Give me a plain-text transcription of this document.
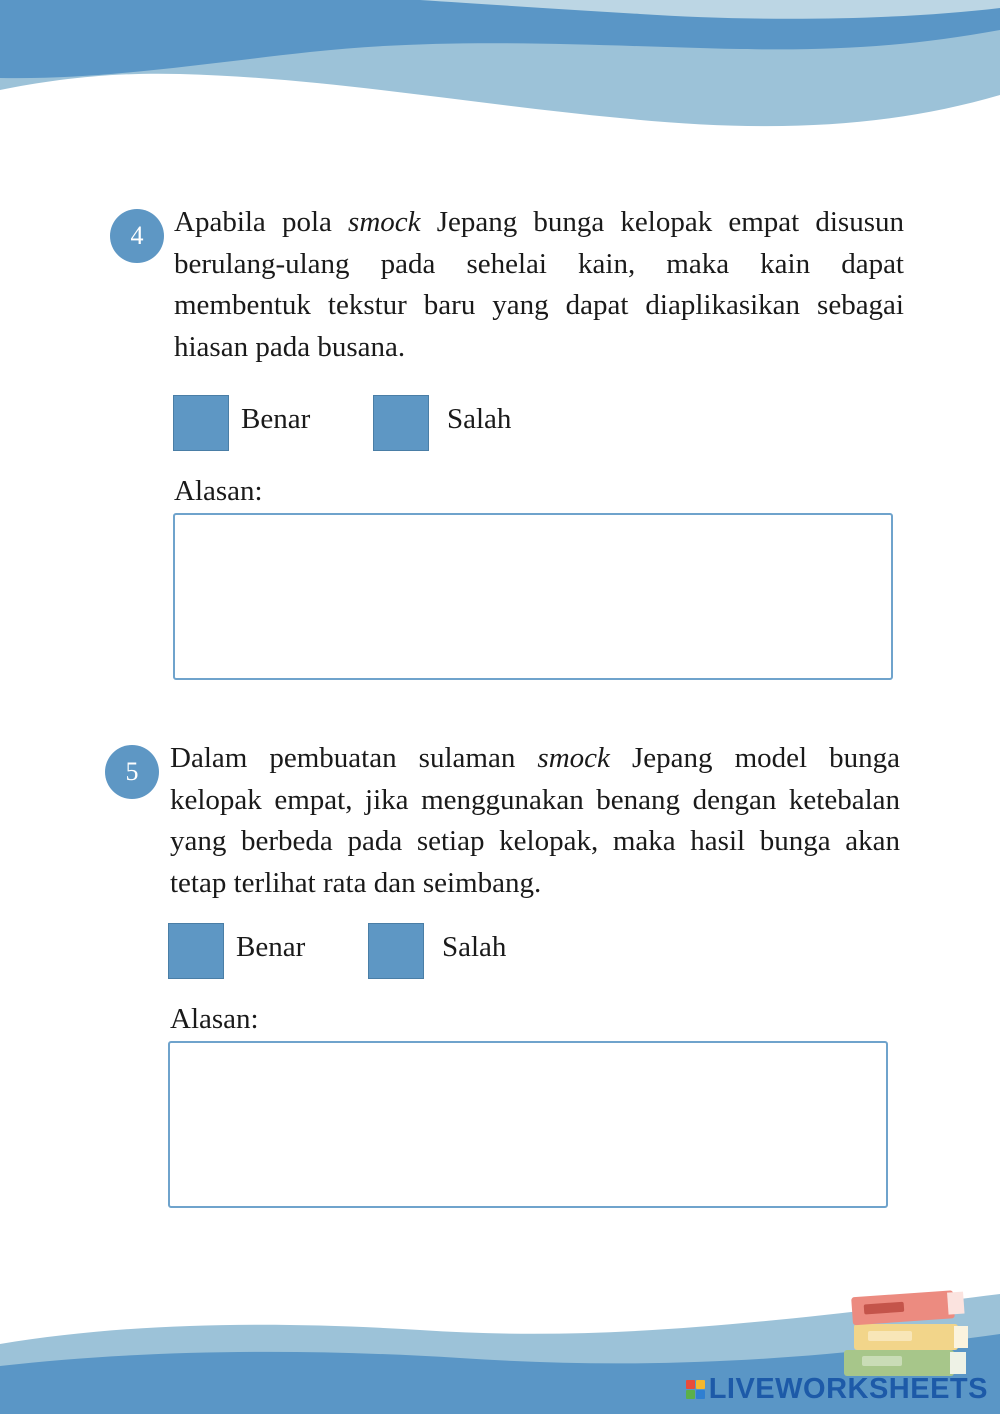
4	Apabila pola smock Jepang bunga kelopak empat disusun berulang-ulang pada sehelai kain, maka kain dapat membentuk tekstur baru yang dapat diaplikasikan sebagai hiasan pada busana.
Benar	Salah
Alasan:
5	Dalam pembuatan sulaman smock Jepang model bunga kelopak empat, jika menggunakan benang dengan ketebalan yang berbeda pada setiap kelopak, maka hasil bunga akan tetap terlihat rata dan seimbang.
Benar	Salah
Alasan:
LIVEWORKSHEETS
